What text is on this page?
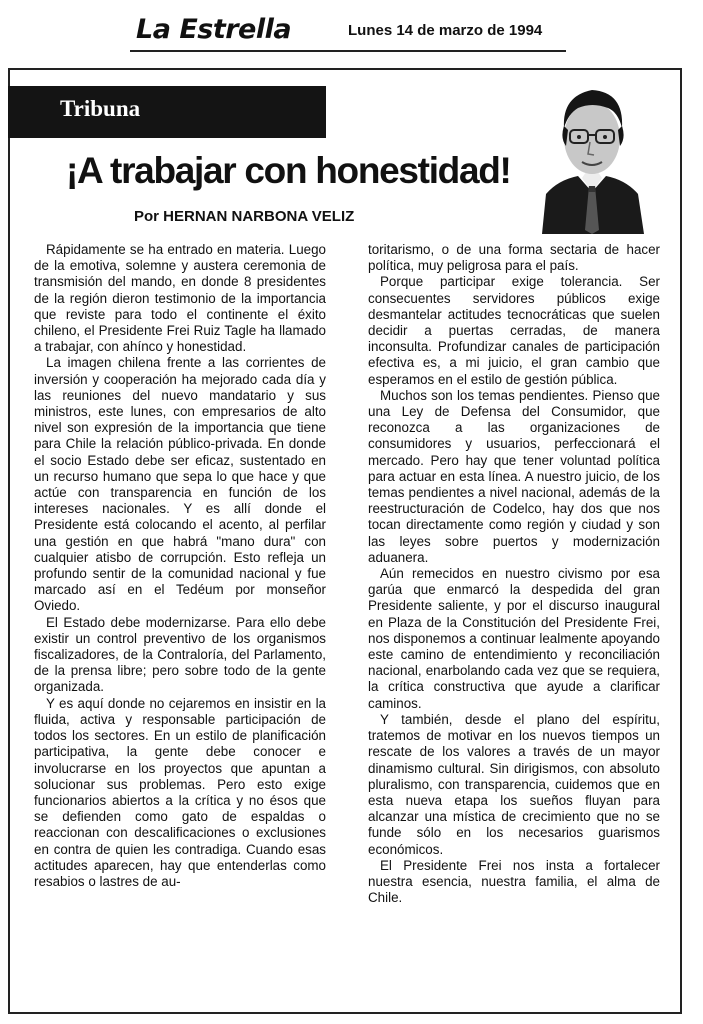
La Estrella	Lunes 14 de marzo de 1994
Tribuna
¡A trabajar con honestidad!
Por HERNAN NARBONA VELIZ

Rápidamente se ha entrado en materia. Luego de la emotiva, solemne y austera ceremonia de transmisión del mando, en donde 8 presidentes de la región dieron testimonio de la importancia que reviste para todo el continente el éxito chileno, el Presidente Frei Ruiz Tagle ha llamado a trabajar, con ahínco y honestidad.

La imagen chilena frente a las corrientes de inversión y cooperación ha mejorado cada día y las reuniones del nuevo mandatario y sus ministros, este lunes, con empresarios de alto nivel son expresión de la importancia que tiene para Chile la relación público-privada. En donde el socio Estado debe ser eficaz, sustentado en un recurso humano que sepa lo que hace y que actúe con transparencia en función de los intereses nacionales. Y es allí donde el Presidente está colocando el acento, al perfilar una gestión en que habrá "mano dura" con cualquier atisbo de corrupción. Esto refleja un profundo sentir de la comunidad nacional y fue marcado así en el Tedéum por monseñor Oviedo.

El Estado debe modernizarse. Para ello debe existir un control preventivo de los organismos fiscalizadores, de la Contraloría, del Parlamento, de la prensa libre; pero sobre todo de la gente organizada.

Y es aquí donde no cejaremos en insistir en la fluida, activa y responsable participación de todos los sectores. En un estilo de planificación participativa, la gente debe conocer e involucrarse en los proyectos que apuntan a solucionar sus problemas. Pero esto exige funcionarios abiertos a la crítica y no ésos que se defienden como gato de espaldas o reaccionan con descalificaciones o exclusiones en contra de quien les contradiga. Cuando esas actitudes aparecen, hay que entenderlas como resabios o lastres de au-

toritarismo, o de una forma sectaria de hacer política, muy peligrosa para el país.

Porque participar exige tolerancia. Ser consecuentes servidores públicos exige desmantelar actitudes tecnocráticas que suelen decidir a puertas cerradas, de manera inconsulta. Profundizar canales de participación efectiva es, a mi juicio, el gran cambio que esperamos en el estilo de gestión pública.

Muchos son los temas pendientes. Pienso que una Ley de Defensa del Consumidor, que reconozca a las organizaciones de consumidores y usuarios, perfeccionará el mercado. Pero hay que tener voluntad política para actuar en esta línea. A nuestro juicio, de los temas pendientes a nivel nacional, además de la reestructuración de Codelco, hay dos que nos tocan directamente como región y ciudad y son las leyes sobre puertos y modernización aduanera.

Aún remecidos en nuestro civismo por esa garúa que enmarcó la despedida del gran Presidente saliente, y por el discurso inaugural en Plaza de la Constitución del Presidente Frei, nos disponemos a continuar lealmente apoyando este camino de entendimiento y reconciliación nacional, enarbolando cada vez que se requiera, la crítica constructiva que ayude a clarificar caminos.

Y también, desde el plano del espíritu, tratemos de motivar en los nuevos tiempos un rescate de los valores a través de un mayor dinamismo cultural. Sin dirigismos, con absoluto pluralismo, con transparencia, cuidemos que en esta nueva etapa los sueños fluyan para alcanzar una mística de crecimiento que no se funde sólo en los necesarios guarismos económicos.

El Presidente Frei nos insta a fortalecer nuestra esencia, nuestra familia, el alma de Chile.
